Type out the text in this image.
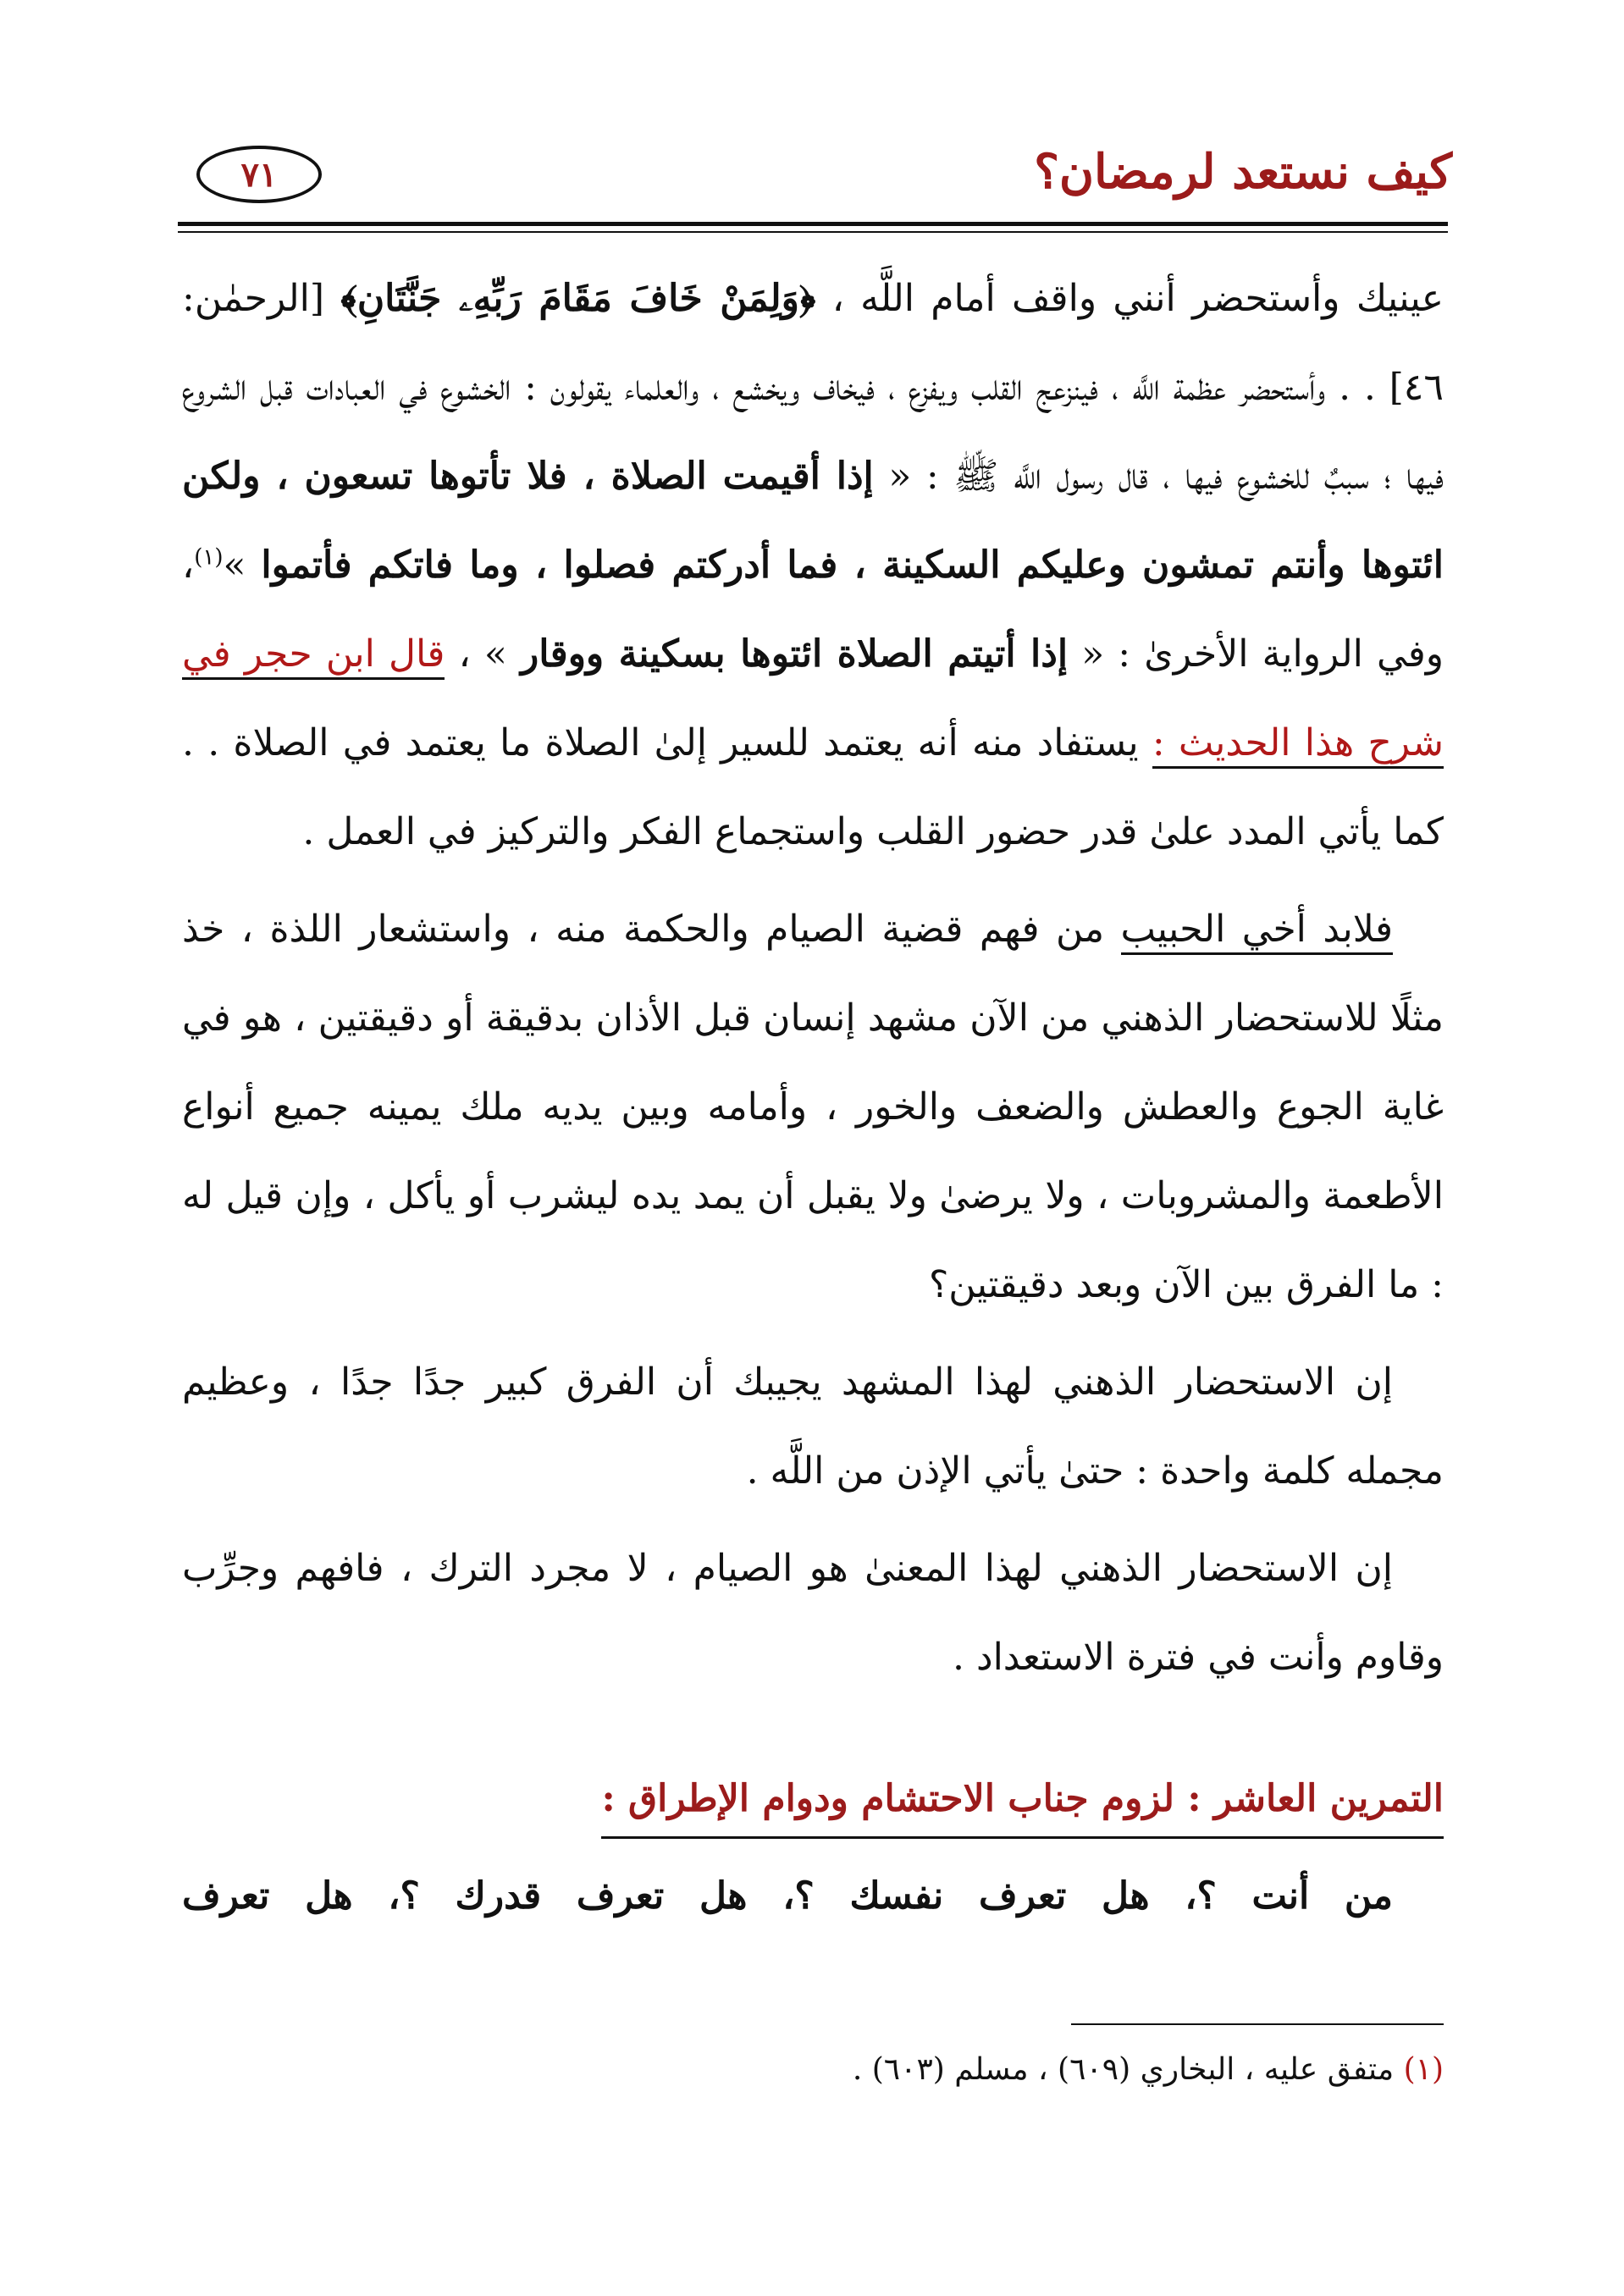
كيف نستعد لرمضان؟
٧١

عينيك وأستحضر أنني واقف أمام اللَّه ، ﴿وَلِمَنْ خَافَ مَقَامَ رَبِّهِۦ جَنَّتَانِ﴾ [الرحمٰن: ٤٦] . . وأستحضر عظمة اللَّه ، فينزعج القلب ويفزع ، فيخاف ويخشع ، والعلماء يقولون : الخشوع في العبادات قبل الشروع فيها ؛ سببٌ للخشوع فيها ، قال رسول اللَّه ﷺ : « إذا أقيمت الصلاة ، فلا تأتوها تسعون ، ولكن ائتوها وأنتم تمشون وعليكم السكينة ، فما أدركتم فصلوا ، وما فاتكم فأتموا »$^{(١)}$، وفي الرواية الأخرىٰ : « إذا أتيتم الصلاة ائتوها بسكينة ووقار » ، قال ابن حجر في شرح هذا الحديث : يستفاد منه أنه يعتمد للسير إلىٰ الصلاة ما يعتمد في الصلاة . . كما يأتي المدد علىٰ قدر حضور القلب واستجماع الفكر والتركيز في العمل .

فلابد أخي الحبيب من فهم قضية الصيام والحكمة منه ، واستشعار اللذة ، خذ مثلًا للاستحضار الذهني من الآن مشهد إنسان قبل الأذان بدقيقة أو دقيقتين ، هو في غاية الجوع والعطش والضعف والخور ، وأمامه وبين يديه ملك يمينه جميع أنواع الأطعمة والمشروبات ، ولا يرضىٰ ولا يقبل أن يمد يده ليشرب أو يأكل ، وإن قيل له : ما الفرق بين الآن وبعد دقيقتين؟

إن الاستحضار الذهني لهذا المشهد يجيبك أن الفرق كبير جدًا جدًا ، وعظيم مجمله كلمة واحدة : حتىٰ يأتي الإذن من اللَّه .

إن الاستحضار الذهني لهذا المعنىٰ هو الصيام ، لا مجرد الترك ، فافهم وجرِّب وقاوم وأنت في فترة الاستعداد .

التمرين العاشر : لزوم جناب الاحتشام ودوام الإطراق :
من أنت ؟، هل تعرف نفسك ؟، هل تعرف قدرك ؟، هل تعرف
(١) متفق عليه ، البخاري (٦٠٩) ، مسلم (٦٠٣) .
